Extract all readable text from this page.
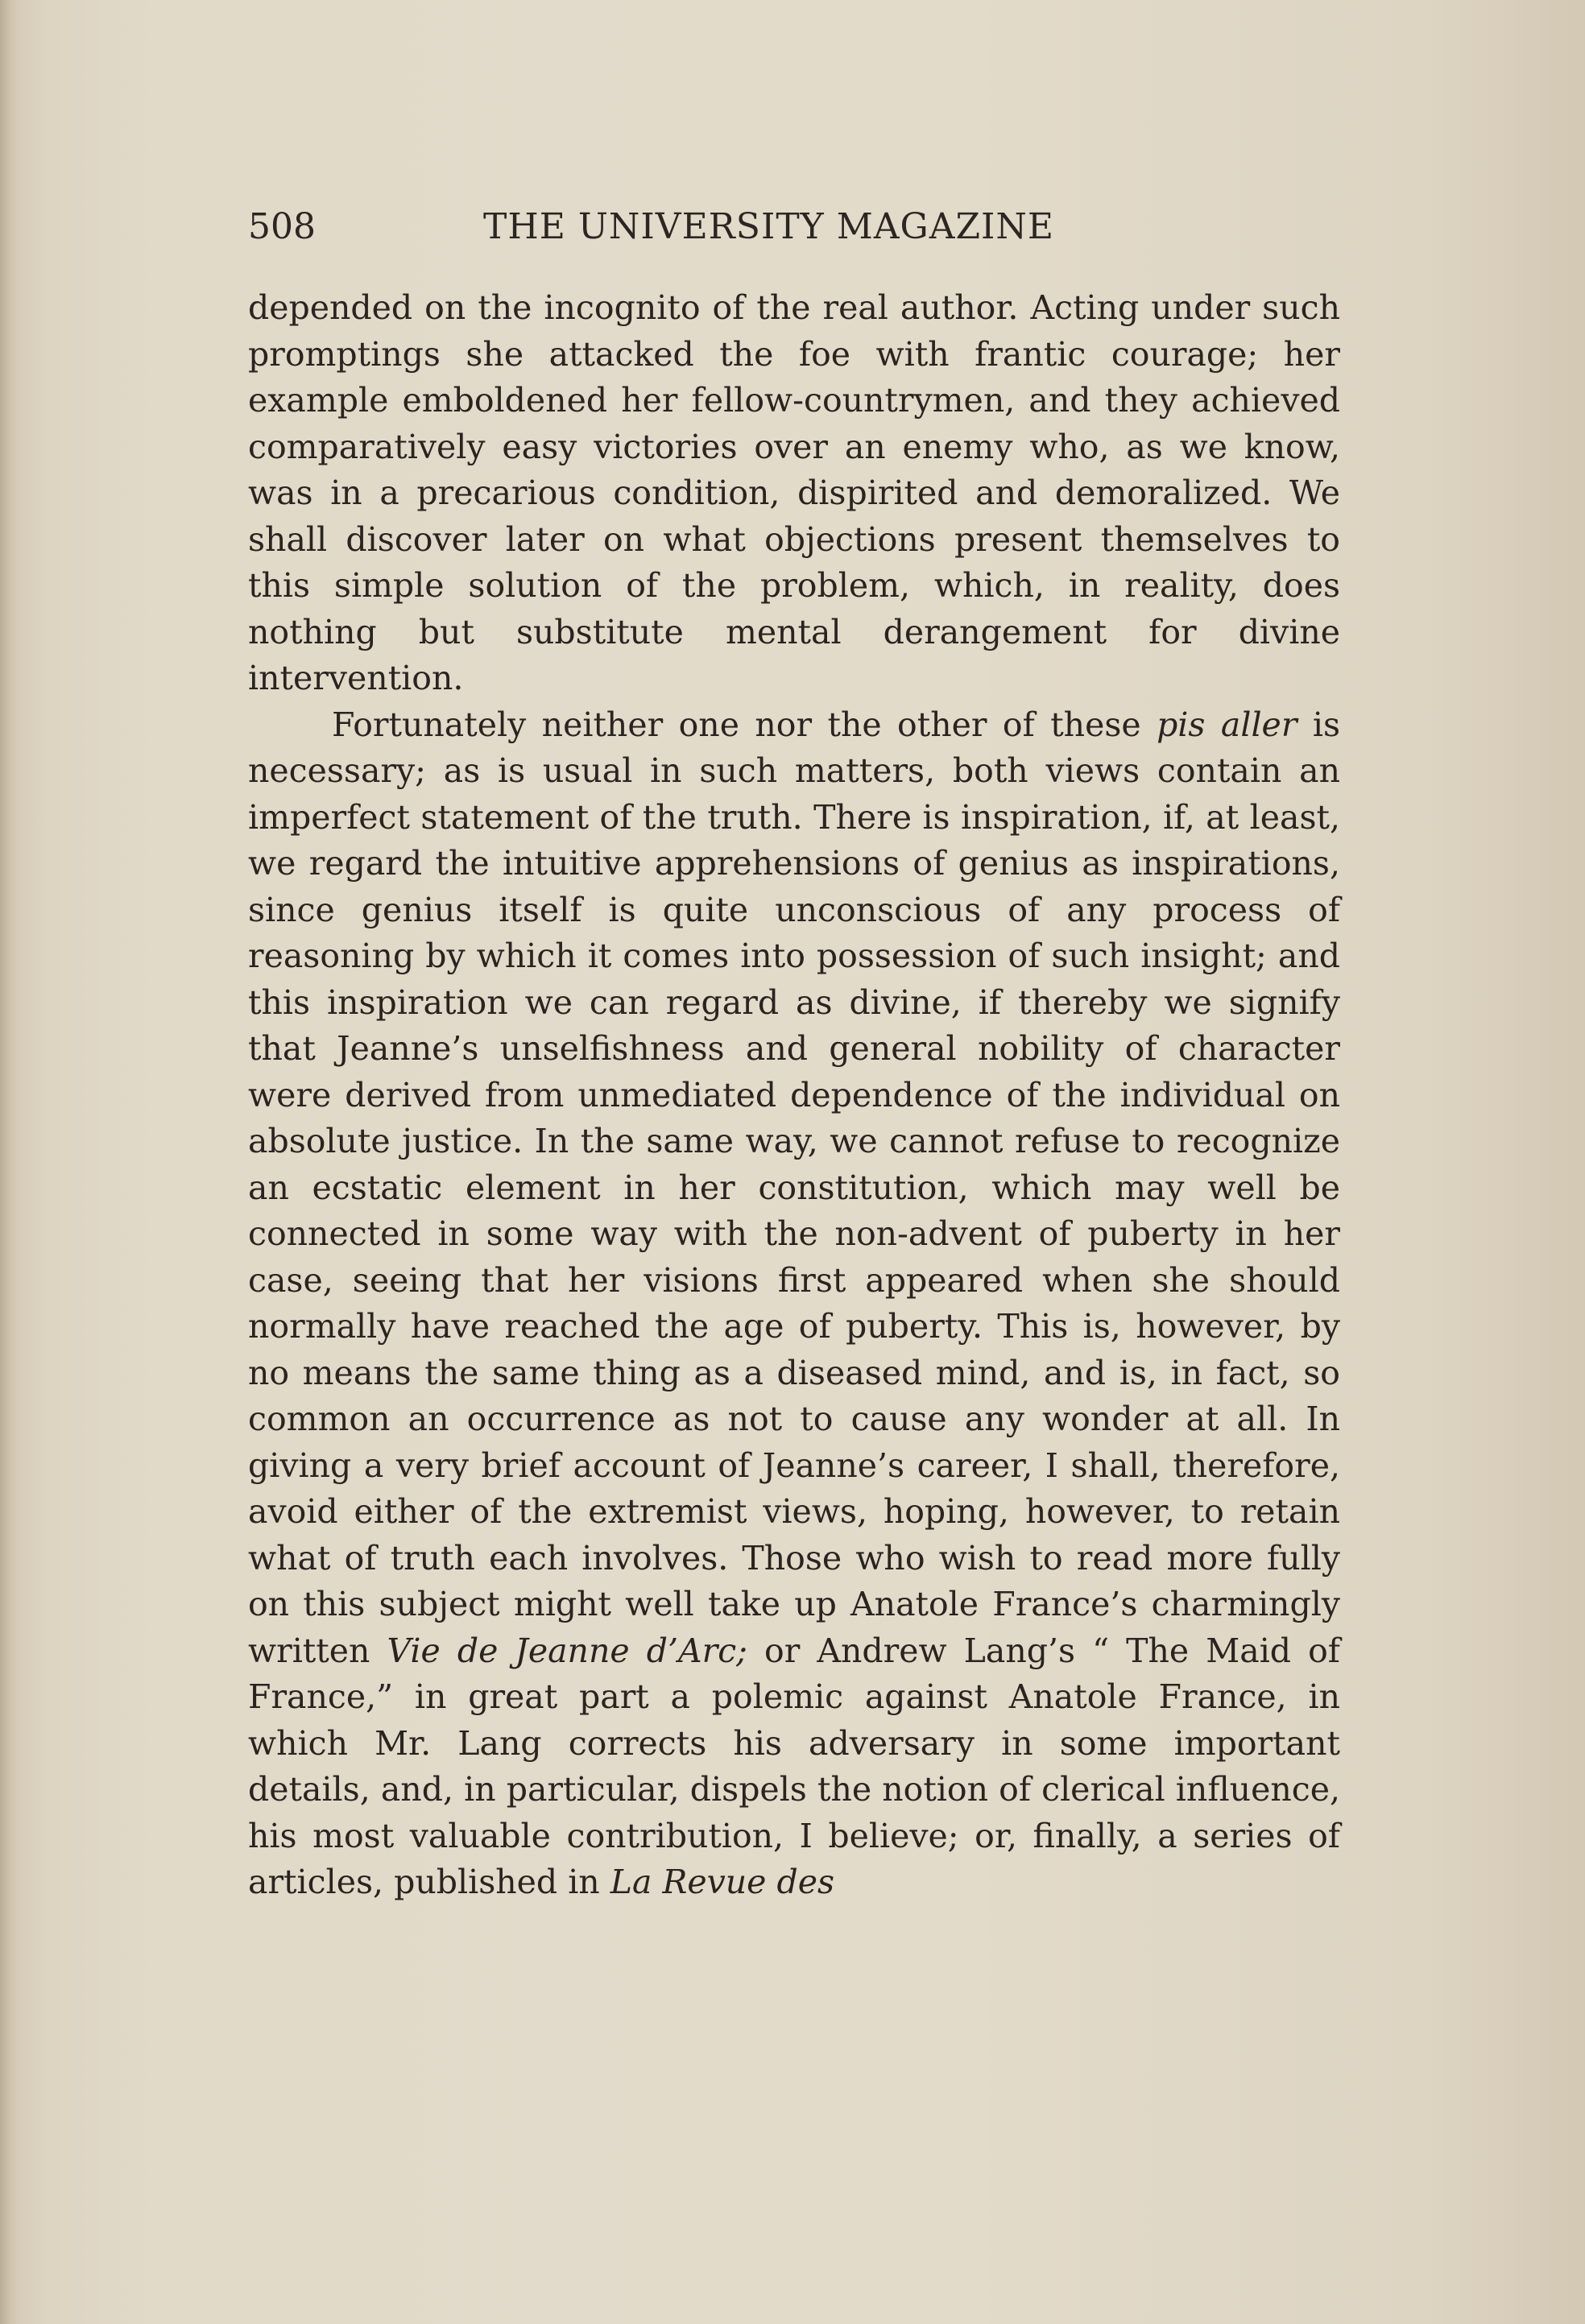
508	THE UNIVERSITY MAGAZINE

depended on the incognito of the real author. Acting under such promptings she attacked the foe with frantic courage; her example emboldened her fellow-countrymen, and they achieved comparatively easy victories over an enemy who, as we know, was in a precarious condition, dispirited and demoralized. We shall discover later on what objections present themselves to this simple solution of the problem, which, in reality, does nothing but substitute mental derangement for divine intervention.

Fortunately neither one nor the other of these pis aller is necessary; as is usual in such matters, both views contain an imperfect statement of the truth. There is inspiration, if, at least, we regard the intuitive apprehensions of genius as inspirations, since genius itself is quite unconscious of any process of reasoning by which it comes into possession of such insight; and this inspiration we can regard as divine, if thereby we signify that Jeanne’s unselfishness and general nobility of character were derived from unmediated dependence of the individual on absolute justice. In the same way, we cannot refuse to recognize an ecstatic element in her constitution, which may well be connected in some way with the non-advent of puberty in her case, seeing that her visions first appeared when she should normally have reached the age of puberty. This is, however, by no means the same thing as a diseased mind, and is, in fact, so common an occurrence as not to cause any wonder at all. In giving a very brief account of Jeanne’s career, I shall, therefore, avoid either of the extremist views, hoping, however, to retain what of truth each involves. Those who wish to read more fully on this subject might well take up Anatole France’s charmingly written Vie de Jeanne d’Arc; or Andrew Lang’s “ The Maid of France,” in great part a polemic against Anatole France, in which Mr. Lang corrects his adversary in some important details, and, in particular, dispels the notion of clerical influence, his most valuable contribution, I believe; or, finally, a series of articles, published in La Revue des
